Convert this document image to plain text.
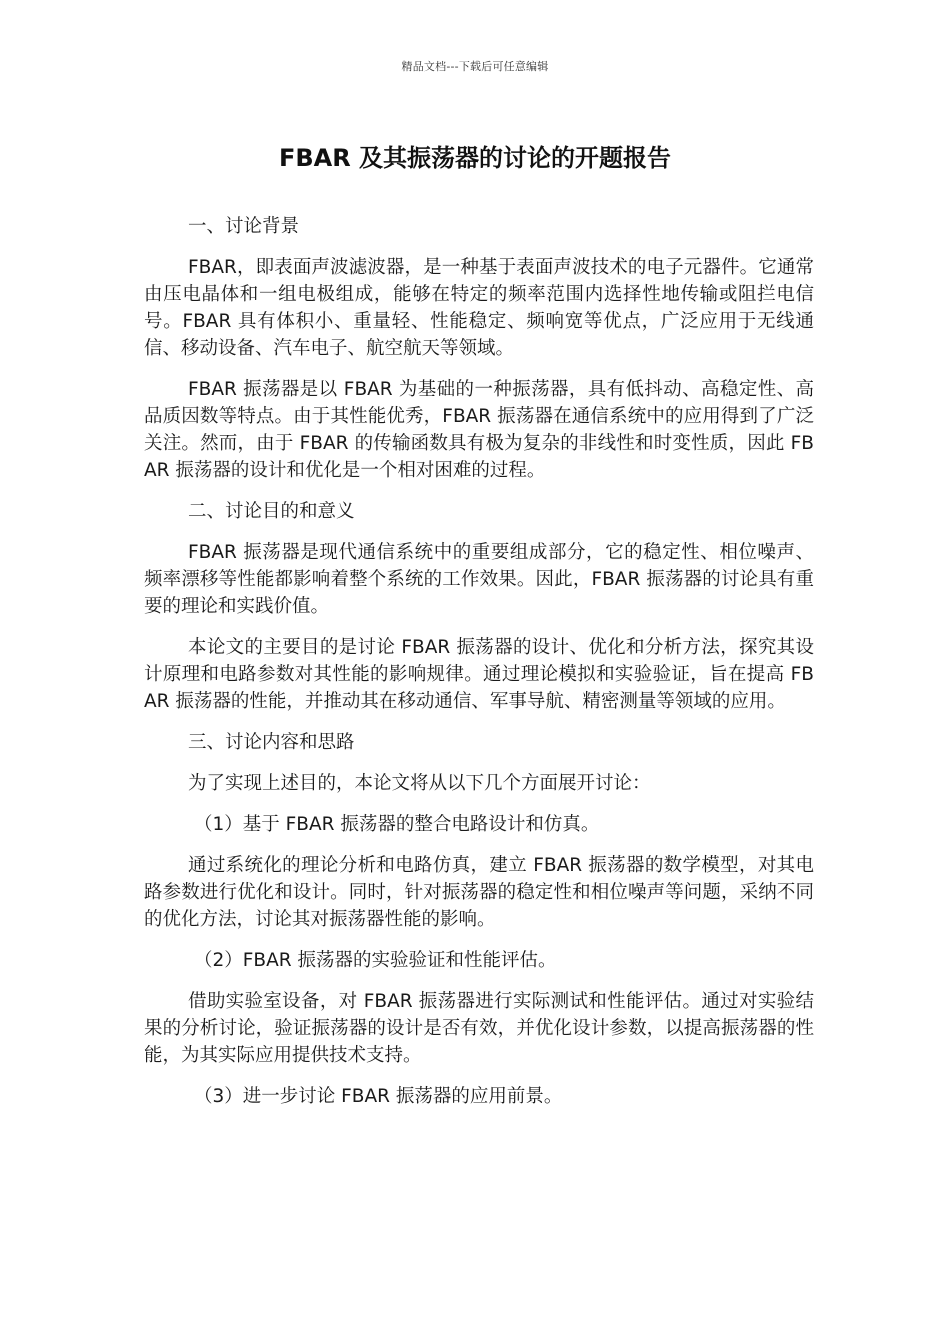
精品文档---下载后可任意编辑
FBAR 及其振荡器的讨论的开题报告
一、讨论背景
FBAR，即表面声波滤波器，是一种基于表面声波技术的电子元器件。它通常由压电晶体和一组电极组成，能够在特定的频率范围内选择性地传输或阻拦电信号。FBAR 具有体积小、重量轻、性能稳定、频响宽等优点，广泛应用于无线通信、移动设备、汽车电子、航空航天等领域。
FBAR 振荡器是以 FBAR 为基础的一种振荡器，具有低抖动、高稳定性、高品质因数等特点。由于其性能优秀，FBAR 振荡器在通信系统中的应用得到了广泛关注。然而，由于 FBAR 的传输函数具有极为复杂的非线性和时变性质，因此 FBAR 振荡器的设计和优化是一个相对困难的过程。
二、讨论目的和意义
FBAR 振荡器是现代通信系统中的重要组成部分，它的稳定性、相位噪声、频率漂移等性能都影响着整个系统的工作效果。因此，FBAR 振荡器的讨论具有重要的理论和实践价值。
本论文的主要目的是讨论 FBAR 振荡器的设计、优化和分析方法，探究其设计原理和电路参数对其性能的影响规律。通过理论模拟和实验验证，旨在提高 FBAR 振荡器的性能，并推动其在移动通信、军事导航、精密测量等领域的应用。
三、讨论内容和思路
为了实现上述目的，本论文将从以下几个方面展开讨论：
（1）基于 FBAR 振荡器的整合电路设计和仿真。
通过系统化的理论分析和电路仿真，建立 FBAR 振荡器的数学模型，对其电路参数进行优化和设计。同时，针对振荡器的稳定性和相位噪声等问题，采纳不同的优化方法，讨论其对振荡器性能的影响。
（2）FBAR 振荡器的实验验证和性能评估。
借助实验室设备，对 FBAR 振荡器进行实际测试和性能评估。通过对实验结果的分析讨论，验证振荡器的设计是否有效，并优化设计参数，以提高振荡器的性能，为其实际应用提供技术支持。
（3）进一步讨论 FBAR 振荡器的应用前景。
